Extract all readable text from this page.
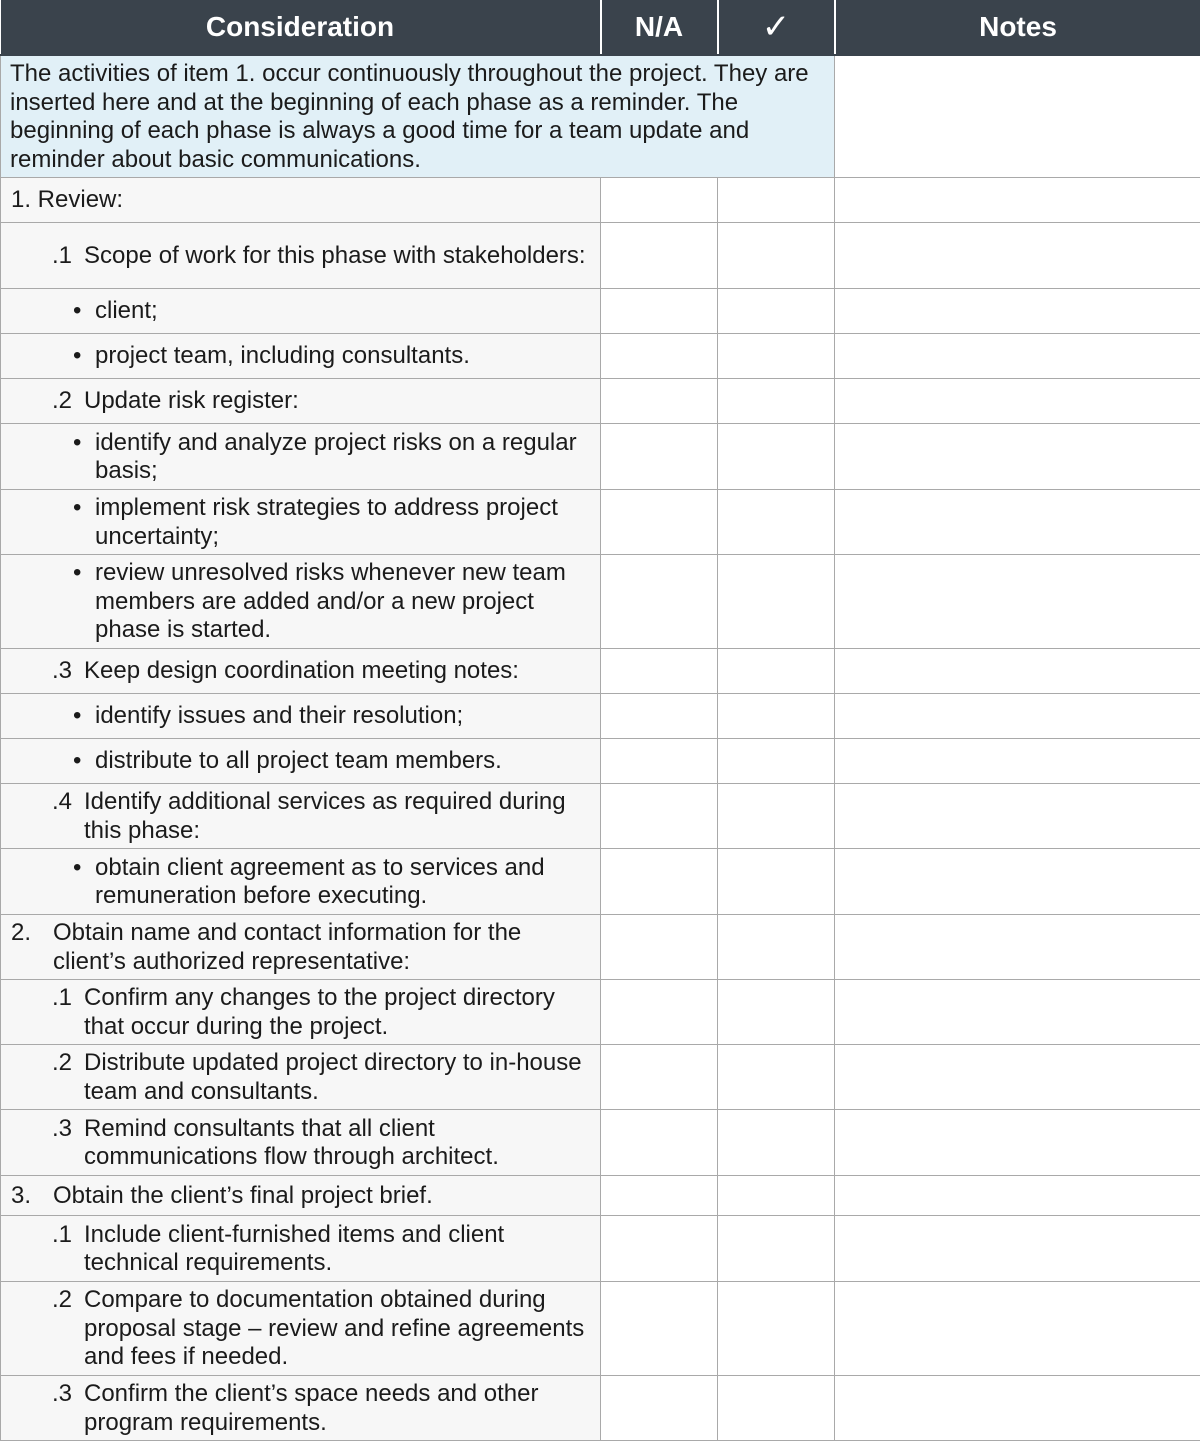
Consideration	N/A	✓	Notes
The activities of item 1. occur continuously throughout the project. They are inserted here and at the beginning of each phase as a reminder. The beginning of each phase is always a good time for a team update and reminder about basic communications.			

1. Review:			

.1 Scope of work for this phase with stakeholders:			

• client;			

• project team, including consultants.			

.2 Update risk register:			

• identify and analyze project risks on a regular basis;			

• implement risk strategies to address project uncertainty;			

• review unresolved risks whenever new team members are added and/or a new project phase is started.			

.3 Keep design coordination meeting notes:			

• identify issues and their resolution;			

• distribute to all project team members.			

.4 Identify additional services as required during this phase:			

• obtain client agreement as to services and remuneration before executing.			

2. Obtain name and contact information for the client’s authorized representative:			

.1 Confirm any changes to the project directory that occur during the project.			

.2 Distribute updated project directory to in-house team and consultants.			

.3 Remind consultants that all client communications flow through architect.			

3. Obtain the client’s final project brief.			

.1 Include client-furnished items and client technical requirements.			

.2 Compare to documentation obtained during proposal stage – review and refine agreements and fees if needed.			

.3 Confirm the client’s space needs and other program requirements.			
